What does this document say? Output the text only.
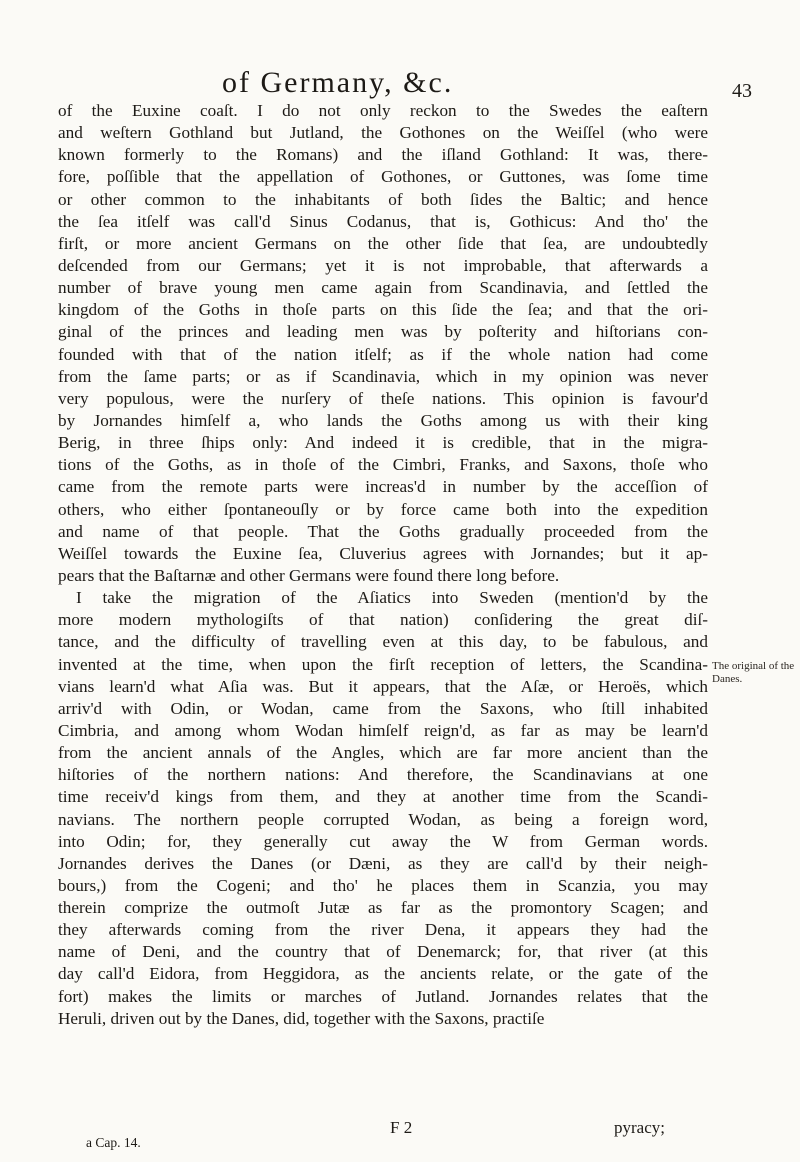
of Germany, &c.	43
of the Euxine coaſt. I do not only reckon to the Swedes the eaſtern
and weſtern Gothland but Jutland, the Gothones on the Weiſſel (who were
known formerly to the Romans) and the iſland Gothland: It was, there-
fore, poſſible that the appellation of Gothones, or Guttones, was ſome time
or other common to the inhabitants of both ſides the Baltic; and hence
the ſea itſelf was call'd Sinus Codanus, that is, Gothicus: And tho' the
firſt, or more ancient Germans on the other ſide that ſea, are undoubtedly
deſcended from our Germans; yet it is not improbable, that afterwards a
number of brave young men came again from Scandinavia, and ſettled the
kingdom of the Goths in thoſe parts on this ſide the ſea; and that the ori-
ginal of the princes and leading men was by poſterity and hiſtorians con-
founded with that of the nation itſelf; as if the whole nation had come
from the ſame parts; or as if Scandinavia, which in my opinion was never
very populous, were the nurſery of theſe nations. This opinion is favour'd
by Jornandes himſelf a, who lands the Goths among us with their king
Berig, in three ſhips only: And indeed it is credible, that in the migra-
tions of the Goths, as in thoſe of the Cimbri, Franks, and Saxons, thoſe who
came from the remote parts were increas'd in number by the acceſſion of
others, who either ſpontaneouſly or by force came both into the expedition
and name of that people. That the Goths gradually proceeded from the
Weiſſel towards the Euxine ſea, Cluverius agrees with Jornandes; but it ap-
pears that the Baſtarnæ and other Germans were found there long before.
I take the migration of the Aſiatics into Sweden (mention'd by the
more modern mythologiſts of that nation) conſidering the great diſ-
tance, and the difficulty of travelling even at this day, to be fabulous, and
invented at the time, when upon the firſt reception of letters, the Scandina-
vians learn'd what Aſia was. But it appears, that the Aſæ, or Heroës, which
arriv'd with Odin, or Wodan, came from the Saxons, who ſtill inhabited
Cimbria, and among whom Wodan himſelf reign'd, as far as may be learn'd
from the ancient annals of the Angles, which are far more ancient than the
hiſtories of the northern nations: And therefore, the Scandinavians at one
time receiv'd kings from them, and they at another time from the Scandi-
navians. The northern people corrupted Wodan, as being a foreign word,
into Odin; for, they generally cut away the W from German words.
Jornandes derives the Danes (or Dæni, as they are call'd by their neigh-
bours,) from the Cogeni; and tho' he places them in Scanzia, you may
therein comprize the outmoſt Jutæ as far as the promontory Scagen; and
they afterwards coming from the river Dena, it appears they had the
name of Deni, and the country that of Denemarck; for, that river (at this
day call'd Eidora, from Heggidora, as the ancients relate, or the gate of the
fort) makes the limits or marches of Jutland. Jornandes relates that the
Heruli, driven out by the Danes, did, together with the Saxons, practiſe
The original of the Danes.
F 2	pyracy;
a Cap. 14.
